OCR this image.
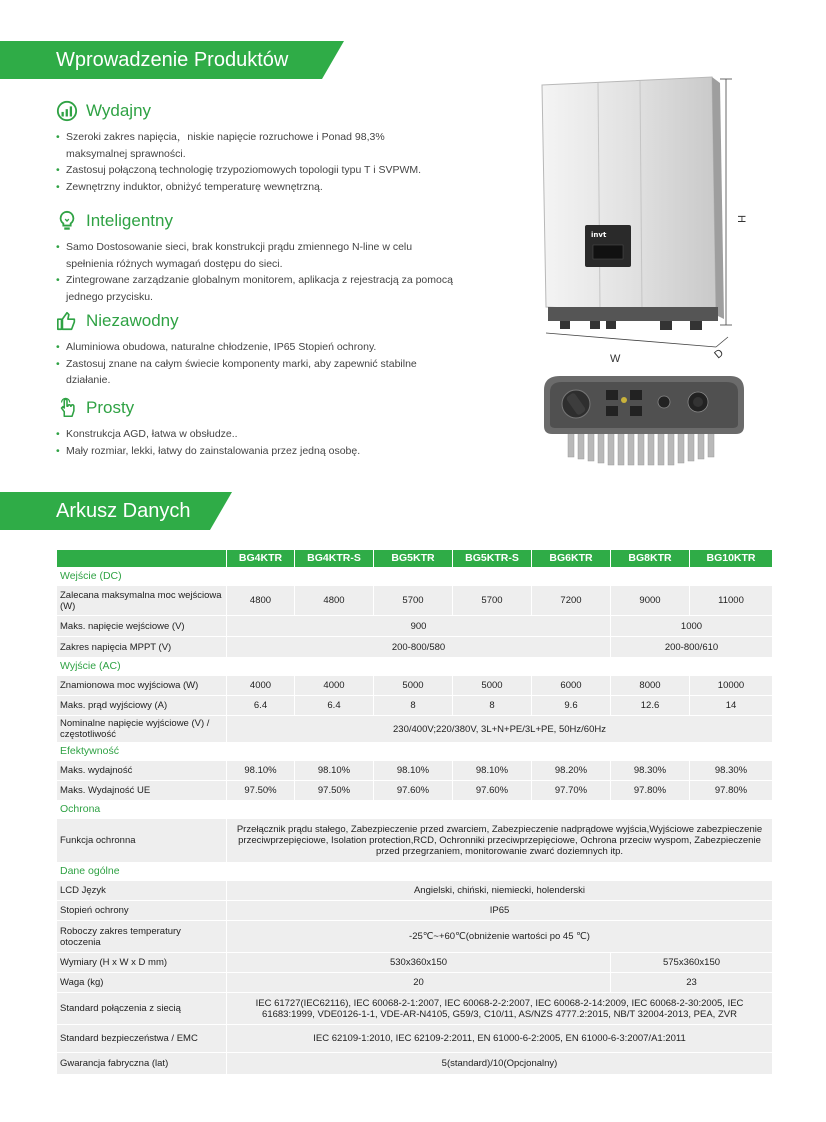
Wprowadzenie Produktów
Wydajny
• Szeroki zakres napięcia，niskie napięcie rozruchowe i Ponad 98,3%
maksymalnej sprawności.
• Zastosuj połączoną technologię trzypoziomowych topologii typu T i SVPWM.
• Zewnętrzny induktor, obniżyć temperaturę wewnętrzną.
Inteligentny
• Samo Dostosowanie sieci, brak konstrukcji prądu zmiennego N-line w celu spełnienia różnych wymagań dostępu do sieci.
• Zintegrowane zarządzanie globalnym monitorem, aplikacja z rejestracją za pomocą jednego przycisku.
Niezawodny
• Aluminiowa obudowa, naturalne chłodzenie, IP65 Stopień ochrony.
• Zastosuj znane na całym świecie komponenty marki, aby zapewnić stabilne działanie.
Prosty
• Konstrukcja AGD, łatwa w obsłudze..
• Mały rozmiar, lekki, łatwy do zainstalowania przez jedną osobę.
invt
H
W	D
Arkusz Danych
	BG4KTR	BG4KTR-S	BG5KTR	BG5KTR-S	BG6KTR	BG8KTR	BG10KTR
Wejście (DC)							
Zalecana maksymalna moc wejściowa (W)	4800	4800	5700	5700	7200	9000	11000
Maks. napięcie wejściowe (V)	900					1000	
Zakres napięcia MPPT (V)	200-800/580					200-800/610	
Wyjście (AC)							
Znamionowa moc wyjściowa (W)	4000	4000	5000	5000	6000	8000	10000
Maks. prąd wyjściowy (A)	6.4	6.4	8	8	9.6	12.6	14
Nominalne napięcie wyjściowe (V) / częstotliwość	230/400V;220/380V, 3L+N+PE/3L+PE, 50Hz/60Hz						
Efektywność							
Maks. wydajność	98.10%	98.10%	98.10%	98.10%	98.20%	98.30%	98.30%
Maks. Wydajność UE	97.50%	97.50%	97.60%	97.60%	97.70%	97.80%	97.80%
Ochrona							
Funkcja ochronna	Przełącznik prądu stałego, Zabezpieczenie przed zwarciem, Zabezpieczenie nadprądowe wyjścia,Wyjściowe zabezpieczenie przeciwprzepięciowe, Isolation protection,RCD, Ochronniki przeciwprzepięciowe, Ochrona przeciw wyspom, Zabezpieczenie przed przegrzaniem, monitorowanie zwarć doziemnych itp.						
Dane ogólne							
LCD Język	Angielski, chiński, niemiecki, holenderski						
Stopień ochrony	IP65						
Roboczy zakres temperatury otoczenia	-25℃~+60℃(obniżenie wartości po 45 ℃)						
Wymiary (H x W x D mm)	530x360x150					575x360x150	
Waga (kg)	20					23	
Standard połączenia z siecią	IEC 61727(IEC62116), IEC 60068-2-1:2007, IEC 60068-2-2:2007, IEC 60068-2-14:2009, IEC 60068-2-30:2005, IEC 61683:1999, VDE0126-1-1, VDE-AR-N4105, G59/3, C10/11, AS/NZS 4777.2:2015, NB/T 32004-2013, PEA, ZVR						
Standard bezpieczeństwa / EMC	IEC 62109-1:2010, IEC 62109-2:2011, EN 61000-6-2:2005, EN 61000-6-3:2007/A1:2011						
Gwarancja fabryczna (lat)	5(standard)/10(Opcjonalny)						
